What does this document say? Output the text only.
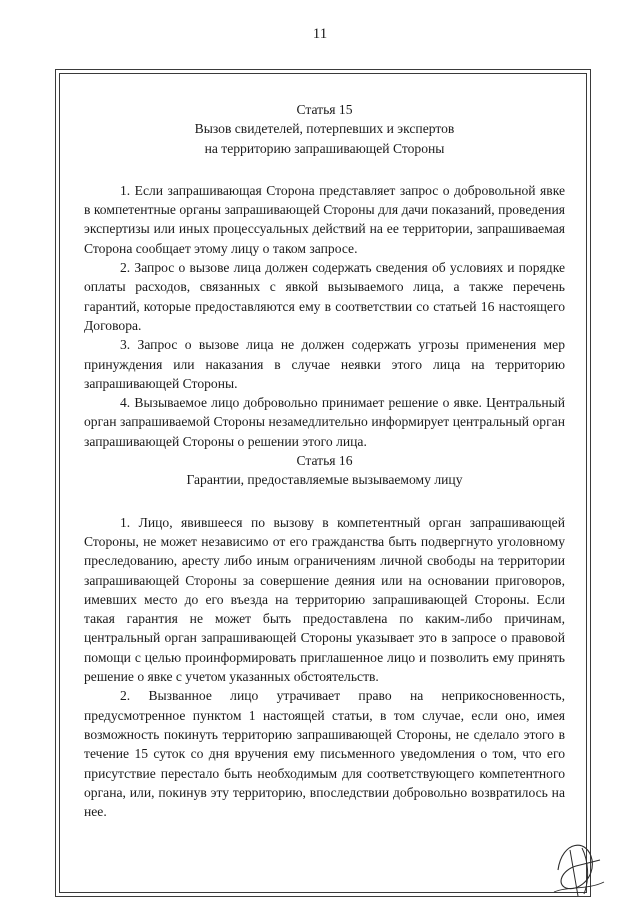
11
Статья 15
Вызов свидетелей, потерпевших и экспертов
на территорию запрашивающей Стороны

1. Если запрашивающая Сторона представляет запрос о добровольной явке в компетентные органы запрашивающей Стороны для дачи показаний, проведения экспертизы или иных процессуальных действий на ее территории, запрашиваемая Сторона сообщает этому лицу о таком запросе.

2. Запрос о вызове лица должен содержать сведения об условиях и порядке оплаты расходов, связанных с явкой вызываемого лица, а также перечень гарантий, которые предоставляются ему в соответствии со статьей 16 настоящего Договора.

3. Запрос о вызове лица не должен содержать угрозы применения мер принуждения или наказания в случае неявки этого лица на территорию запрашивающей Стороны.

4. Вызываемое лицо добровольно принимает решение о явке. Центральный орган запрашиваемой Стороны незамедлительно информирует центральный орган запрашивающей Стороны о решении этого лица.

Статья 16
Гарантии, предоставляемые вызываемому лицу

1. Лицо, явившееся по вызову в компетентный орган запрашивающей Стороны, не может независимо от его гражданства быть подвергнуто уголовному преследованию, аресту либо иным ограничениям личной свободы на территории запрашивающей Стороны за совершение деяния или на основании приговоров, имевших место до его въезда на территорию запрашивающей Стороны. Если такая гарантия не может быть предоставлена по каким-либо причинам, центральный орган запрашивающей Стороны указывает это в запросе о правовой помощи с целью проинформировать приглашенное лицо и позволить ему принять решение о явке с учетом указанных обстоятельств.

2. Вызванное лицо утрачивает право на неприкосновенность, предусмотренное пунктом 1 настоящей статьи, в том случае, если оно, имея возможность покинуть территорию запрашивающей Стороны, не сделало этого в течение 15 суток со дня вручения ему письменного уведомления о том, что его присутствие перестало быть необходимым для соответствующего компетентного органа, или, покинув эту территорию, впоследствии добровольно возвратилось на нее.
